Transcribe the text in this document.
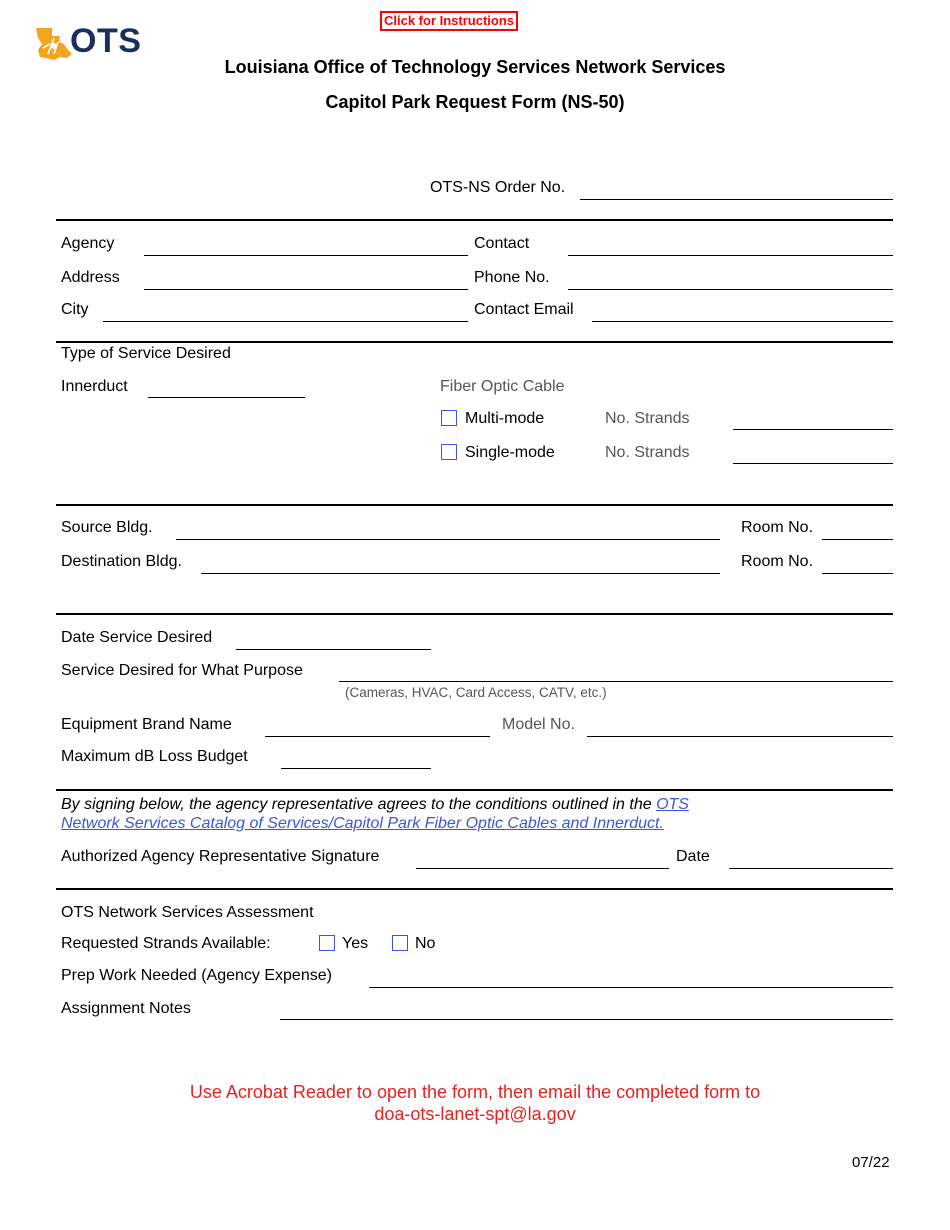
Click for Instructions
OTS
Louisiana Office of Technology Services Network Services
Capitol Park Request Form (NS-50)
OTS-NS Order No.
Agency	Contact
Address	Phone No.
City	Contact Email
Type of Service Desired
Innerduct	Fiber Optic Cable
Multi-mode	No. Strands
Single-mode	No. Strands
Source Bldg.	Room No.
Destination Bldg.	Room No.
Date Service Desired
Service Desired for What Purpose
(Cameras, HVAC, Card Access, CATV, etc.)
Equipment Brand Name	Model No.
Maximum dB Loss Budget
By signing below, the agency representative agrees to the conditions outlined in the OTS
Network Services Catalog of Services/Capitol Park Fiber Optic Cables and Innerduct.
Authorized Agency Representative Signature	Date
OTS Network Services Assessment
Requested Strands Available:	Yes	No
Prep Work Needed (Agency Expense)
Assignment Notes
Use Acrobat Reader to open the form, then email the completed form to
doa-ots-lanet-spt@la.gov
07/22
